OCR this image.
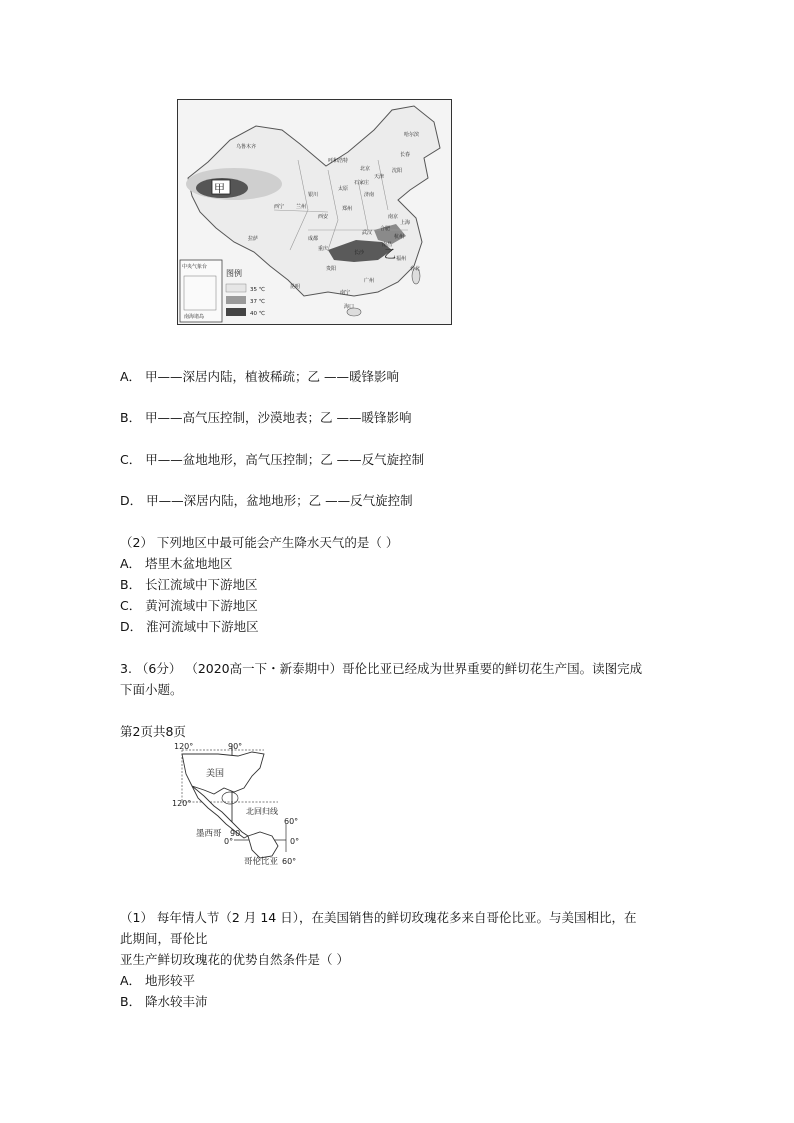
甲
乙
乌鲁木齐
哈尔滨
长春
沈阳
呼和浩特
北京
天津
石家庄
太原
济南
银川
兰州
西宁
西安
郑州
合肥
南京
上海
杭州
武汉
成都
重庆
长沙
南昌
福州
贵阳
拉萨
昆明
广州
南宁
台北
海口
中央气象台
南海诸岛
图例
35 ℃
37 ℃
40 ℃
A． 甲——深居内陆，植被稀疏；乙 ——暖锋影响
B． 甲——高气压控制，沙漠地表；乙 ——暖锋影响
C． 甲——盆地地形，高气压控制；乙 ——反气旋控制
D． 甲——深居内陆，盆地地形；乙 ——反气旋控制
（2） 下列地区中最可能会产生降水天气的是（ ）
A． 塔里木盆地地区
B． 长江流域中下游地区
C． 黄河流域中下游地区
D． 淮河流域中下游地区
3. （6分） （2020高一下・新泰期中）哥伦比亚已经成为世界重要的鲜切花生产国。读图完成
下面小题。
第2页共8页
120°	90°
美国
120°
北回归线
墨西哥 90
60°
0°	0°
哥伦比亚 60°
（1） 每年情人节（2 月 14 日），在美国销售的鲜切玫瑰花多来自哥伦比亚。与美国相比，在
此期间，哥伦比
亚生产鲜切玫瑰花的优势自然条件是（ ）
A． 地形较平
B． 降水较丰沛
